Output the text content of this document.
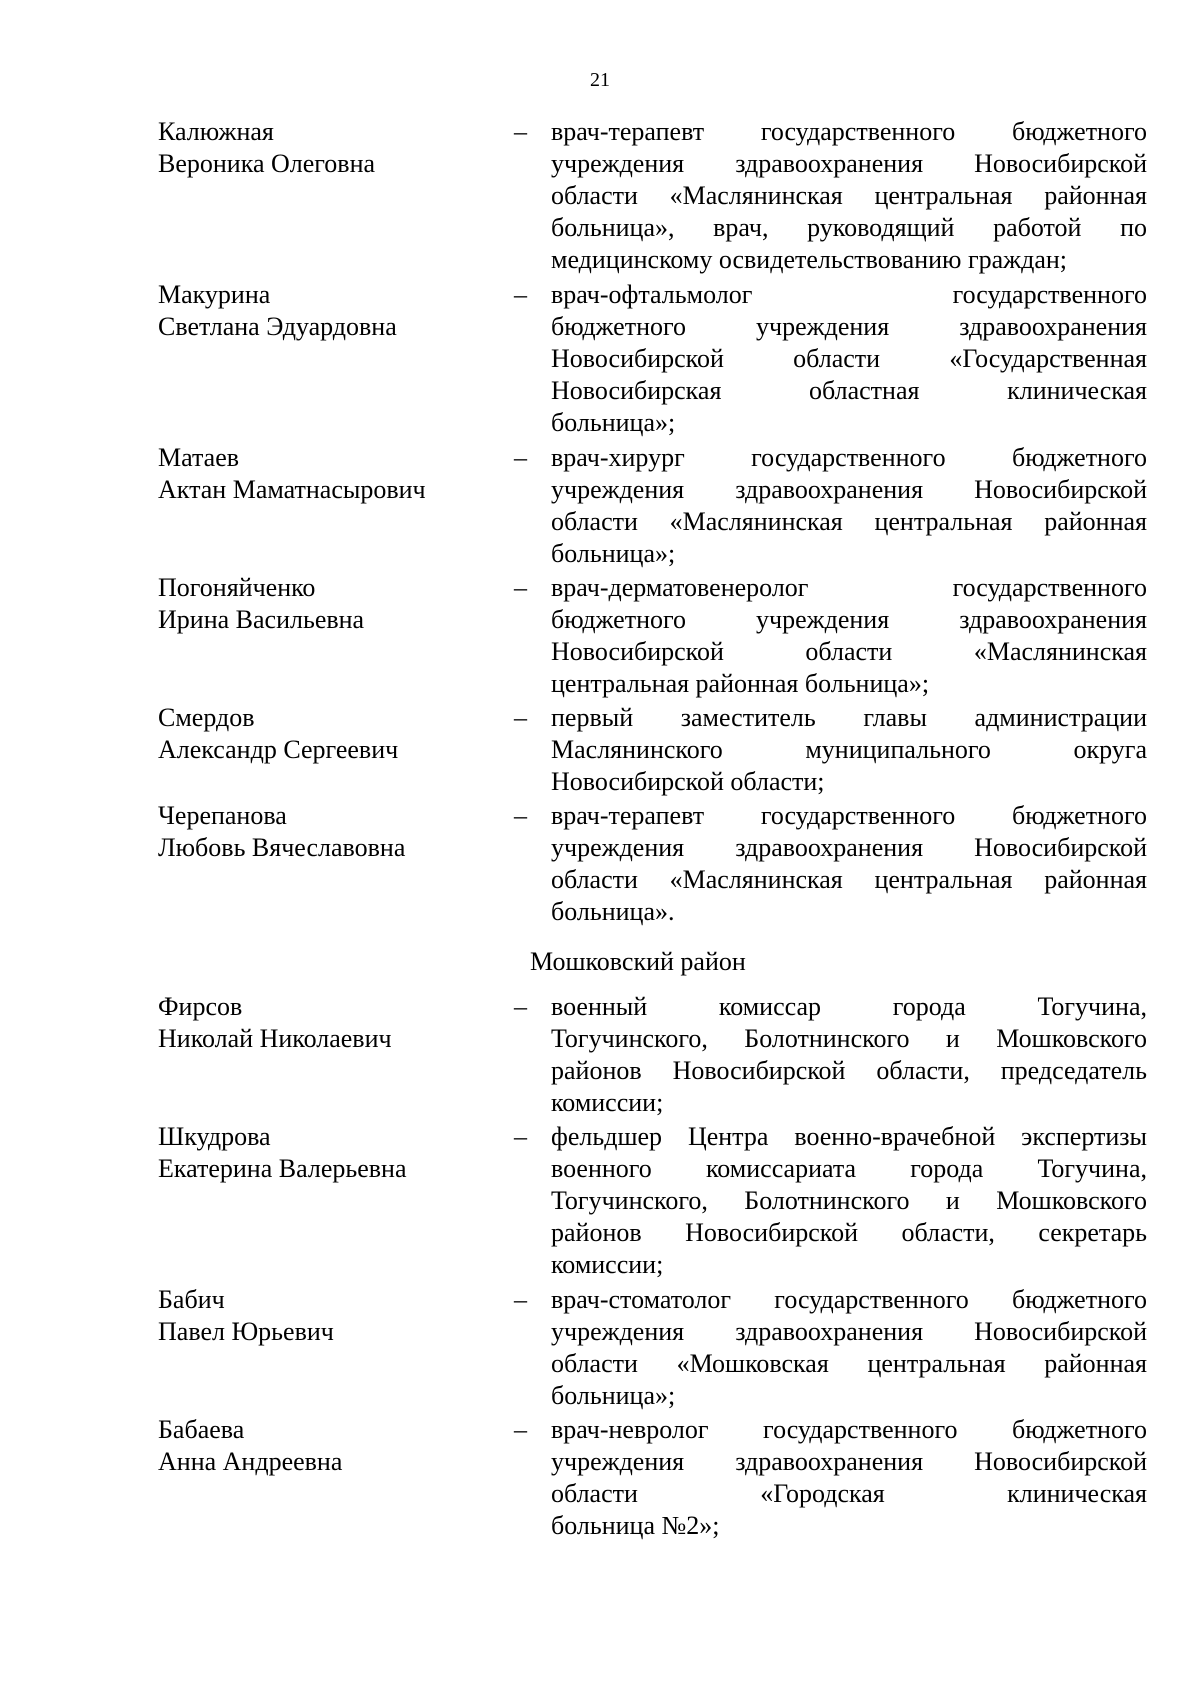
21
Калюжная
Вероника Олеговна
– врач-терапевт государственного бюджетного
учреждения здравоохранения Новосибирской
области «Маслянинская центральная районная
больница», врач, руководящий работой по
медицинскому освидетельствованию граждан;
Макурина
Светлана Эдуардовна
– врач-офтальмолог государственного
бюджетного учреждения здравоохранения
Новосибирской области «Государственная
Новосибирская областная клиническая
больница»;
Матаев
Актан Маматнасырович
– врач-хирург государственного бюджетного
учреждения здравоохранения Новосибирской
области «Маслянинская центральная районная
больница»;
Погоняйченко
Ирина Васильевна
– врач-дерматовенеролог государственного
бюджетного учреждения здравоохранения
Новосибирской области «Маслянинская
центральная районная больница»;
Смердов
Александр Сергеевич
– первый заместитель главы администрации
Маслянинского муниципального округа
Новосибирской области;
Черепанова
Любовь Вячеславовна
– врач-терапевт государственного бюджетного
учреждения здравоохранения Новосибирской
области «Маслянинская центральная районная
больница».
Мошковский район
Фирсов
Николай Николаевич
– военный комиссар города Тогучина,
Тогучинского, Болотнинского и Мошковского
районов Новосибирской области, председатель
комиссии;
Шкудрова
Екатерина Валерьевна
– фельдшер Центра военно-врачебной экспертизы
военного комиссариата города Тогучина,
Тогучинского, Болотнинского и Мошковского
районов Новосибирской области, секретарь
комиссии;
Бабич
Павел Юрьевич
– врач-стоматолог государственного бюджетного
учреждения здравоохранения Новосибирской
области «Мошковская центральная районная
больница»;
Бабаева
Анна Андреевна
– врач-невролог государственного бюджетного
учреждения здравоохранения Новосибирской
области «Городская клиническая
больница №2»;
